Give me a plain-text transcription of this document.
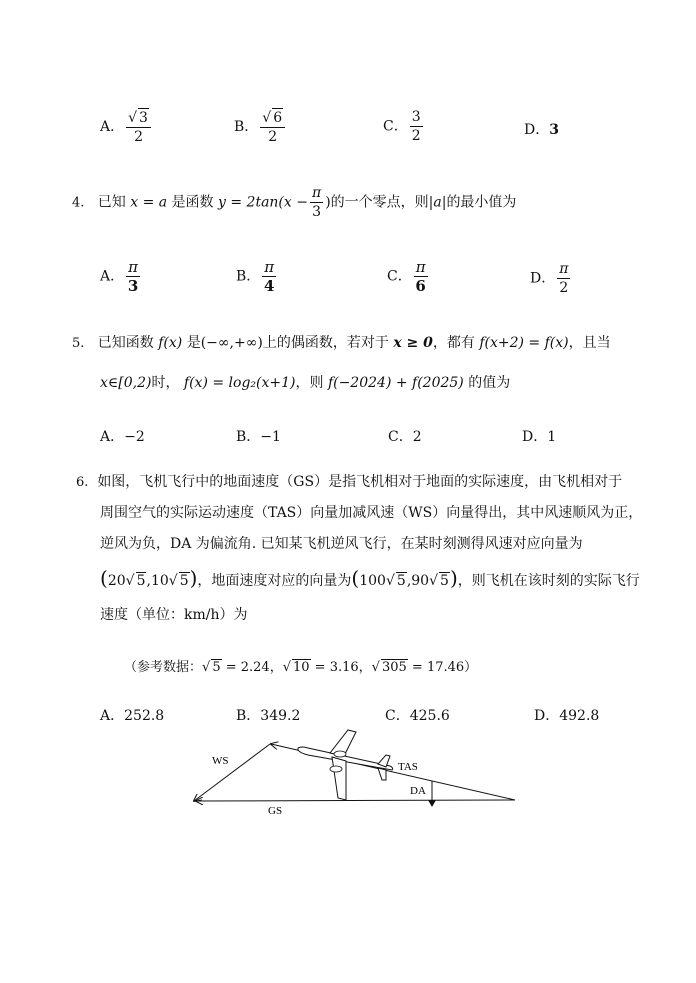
A． √ $\frac{3}{2}$	B． √ $\frac{6}{2}$	C． $\frac{3}{2}$	D．3
4. 已知 x = a 是函数 $y = 2\tan(x - \frac{\pi}{3}$ )的一个零点，则|a|的最小值为
A． $\frac{\pi}{3}$	B． $\frac{\pi}{4}$	C． $\frac{\pi}{6}$	D． $\frac{\pi}{2}$
5. 已知函数 f(x) 是(−∞,+∞)上的偶函数，若对于 x ≥ 0，都有 f(x+2) = f(x)，且当
x∈[0,2)时， f(x) = log₂(x+1)，则 f(−2024) + f(2025) 的值为
A．−2	B．−1	C．2	D．1
6. 如图，飞机飞行中的地面速度（GS）是指飞机相对于地面的实际速度，由飞机相对于
周围空气的实际运动速度（TAS）向量加减风速（WS）向量得出，其中风速顺风为正，
逆风为负，DA 为偏流角. 已知某飞机逆风飞行，在某时刻测得风速对应向量为
(20 √ 5,10 √ 5)，地面速度对应的向量为(100 √ 5,90 √ 5)，则飞机在该时刻的实际飞行
速度（单位：km/h）为
（参考数据： √ 5 = 2.24， √ 10 = 3.16， √ 305 = 17.46）
A．252.8	B．349.2	C．425.6	D．492.8
WS	TAS
DA
GS
